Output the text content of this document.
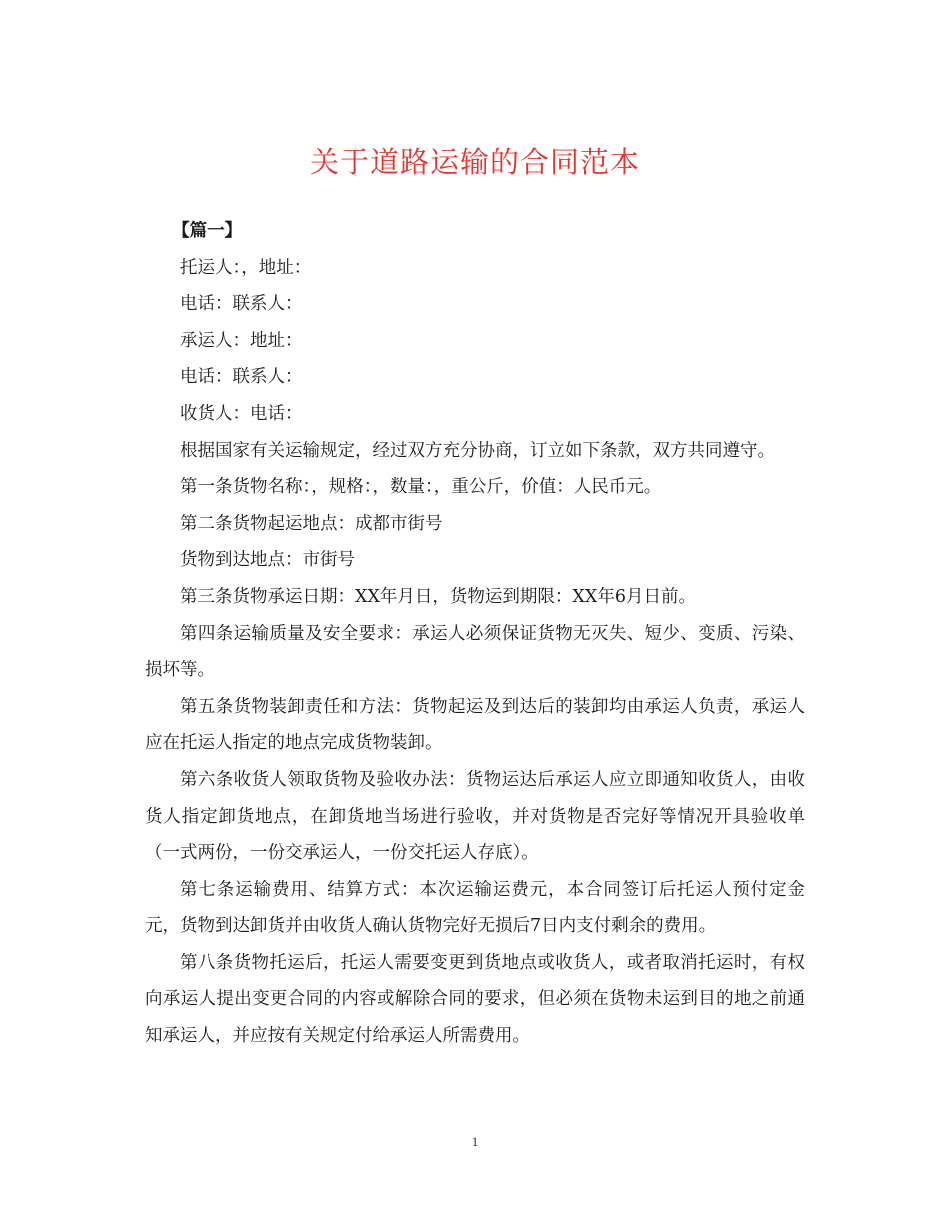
关于道路运输的合同范本

【篇一】

托运人：，地址：

电话：联系人：

承运人：地址：

电话：联系人：

收货人：电话：

根据国家有关运输规定，经过双方充分协商，订立如下条款，双方共同遵守。

第一条货物名称：，规格：，数量：，重公斤，价值：人民币元。

第二条货物起运地点：成都市街号

货物到达地点：市街号

第三条货物承运日期：XX年月日，货物运到期限：XX年6月日前。

第四条运输质量及安全要求：承运人必须保证货物无灭失、短少、变质、污染、损坏等。

第五条货物装卸责任和方法：货物起运及到达后的装卸均由承运人负责，承运人应在托运人指定的地点完成货物装卸。

第六条收货人领取货物及验收办法：货物运达后承运人应立即通知收货人，由收货人指定卸货地点，在卸货地当场进行验收，并对货物是否完好等情况开具验收单（一式两份，一份交承运人，一份交托运人存底）。

第七条运输费用、结算方式：本次运输运费元，本合同签订后托运人预付定金元，货物到达卸货并由收货人确认货物完好无损后7日内支付剩余的费用。

第八条货物托运后，托运人需要变更到货地点或收货人，或者取消托运时，有权向承运人提出变更合同的内容或解除合同的要求，但必须在货物未运到目的地之前通知承运人，并应按有关规定付给承运人所需费用。

1
